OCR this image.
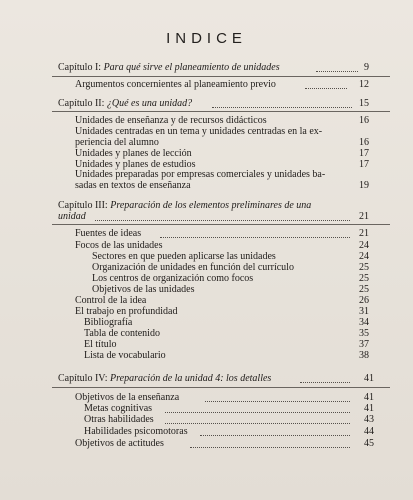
INDICE
Capítulo I: Para qué sirve el planeamiento de unidades	9
Argumentos concernientes al planeamiento previo	12
Capítulo II: ¿Qué es una unidad?	15
Unidades de enseñanza y de recursos didácticos	16
Unidades centradas en un tema y unidades centradas en la ex-
periencia del alumno	16
Unidades y planes de lección	17
Unidades y planes de estudios	17
Unidades preparadas por empresas comerciales y unidades ba-
sadas en textos de enseñanza	19
Capítulo III: Preparación de los elementos preliminares de una
unidad	21
Fuentes de ideas	21
Focos de las unidades	24
Sectores en que pueden aplicarse las unidades	24
Organización de unidades en función del currículo	25
Los centros de organización como focos	25
Objetivos de las unidades	25
Control de la idea	26
El trabajo en profundidad	31
Bibliografía	34
Tabla de contenido	35
El título	37
Lista de vocabulario	38
Capítulo IV: Preparación de la unidad 4: los detalles	41
Objetivos de la enseñanza	41
Metas cognitivas	41
Otras habilidades	43
Habilidades psicomotoras	44
Objetivos de actitudes	45
